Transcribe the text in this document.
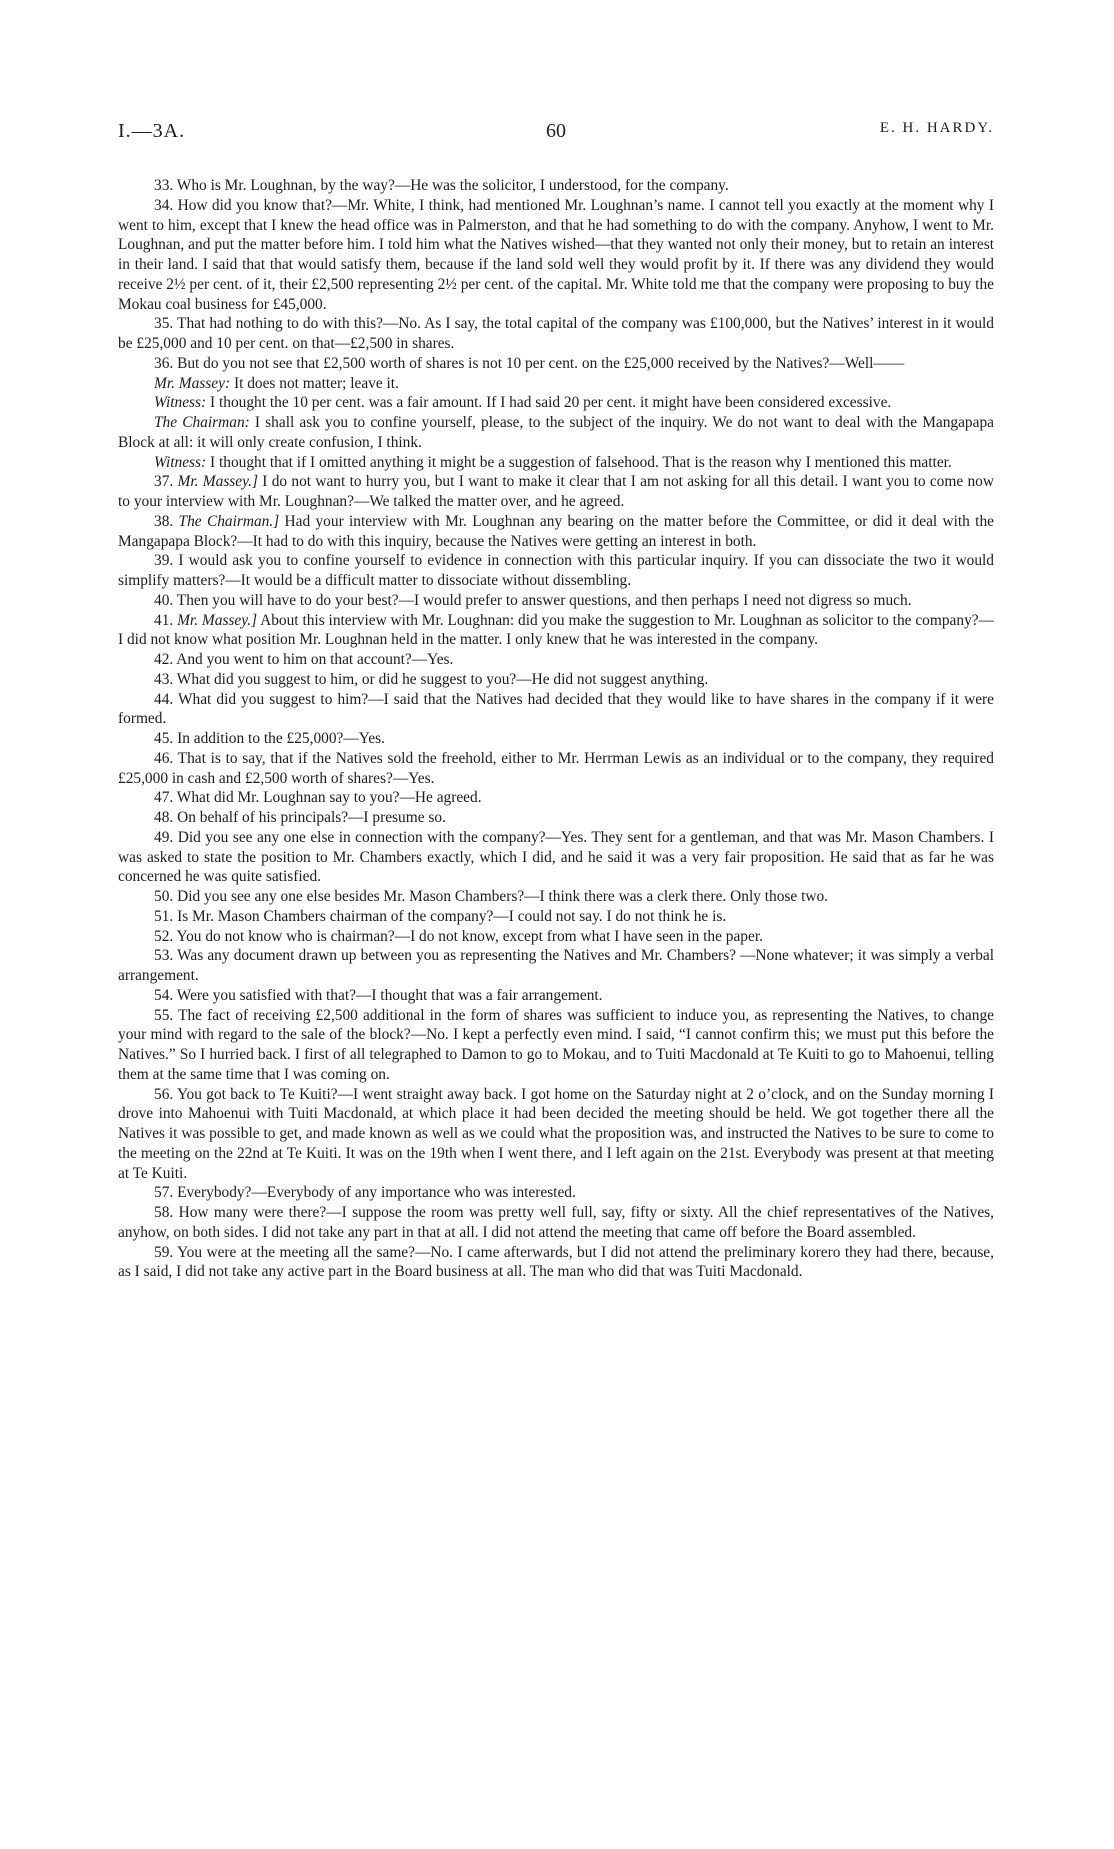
I.—3A.	60	E. H. HARDY.

33. Who is Mr. Loughnan, by the way?—He was the solicitor, I understood, for the company.

34. How did you know that?—Mr. White, I think, had mentioned Mr. Loughnan’s name. I cannot tell you exactly at the moment why I went to him, except that I knew the head office was in Palmerston, and that he had something to do with the company. Anyhow, I went to Mr. Loughnan, and put the matter before him. I told him what the Natives wished—that they wanted not only their money, but to retain an interest in their land. I said that that would satisfy them, because if the land sold well they would profit by it. If there was any dividend they would receive 2½ per cent. of it, their £2,500 representing 2½ per cent. of the capital. Mr. White told me that the company were proposing to buy the Mokau coal business for £45,000.

35. That had nothing to do with this?—No. As I say, the total capital of the company was £100,000, but the Natives’ interest in it would be £25,000 and 10 per cent. on that—£2,500 in shares.

36. But do you not see that £2,500 worth of shares is not 10 per cent. on the £25,000 received by the Natives?—Well——

Mr. Massey: It does not matter; leave it.

Witness: I thought the 10 per cent. was a fair amount. If I had said 20 per cent. it might have been considered excessive.

The Chairman: I shall ask you to confine yourself, please, to the subject of the inquiry. We do not want to deal with the Mangapapa Block at all: it will only create confusion, I think.

Witness: I thought that if I omitted anything it might be a suggestion of falsehood. That is the reason why I mentioned this matter.

37. Mr. Massey.] I do not want to hurry you, but I want to make it clear that I am not asking for all this detail. I want you to come now to your interview with Mr. Loughnan?—We talked the matter over, and he agreed.

38. The Chairman.] Had your interview with Mr. Loughnan any bearing on the matter before the Committee, or did it deal with the Mangapapa Block?—It had to do with this inquiry, because the Natives were getting an interest in both.

39. I would ask you to confine yourself to evidence in connection with this particular inquiry. If you can dissociate the two it would simplify matters?—It would be a difficult matter to dissociate without dissembling.

40. Then you will have to do your best?—I would prefer to answer questions, and then perhaps I need not digress so much.

41. Mr. Massey.] About this interview with Mr. Loughnan: did you make the suggestion to Mr. Loughnan as solicitor to the company?—I did not know what position Mr. Loughnan held in the matter. I only knew that he was interested in the company.

42. And you went to him on that account?—Yes.

43. What did you suggest to him, or did he suggest to you?—He did not suggest anything.

44. What did you suggest to him?—I said that the Natives had decided that they would like to have shares in the company if it were formed.

45. In addition to the £25,000?—Yes.

46. That is to say, that if the Natives sold the freehold, either to Mr. Herrman Lewis as an individual or to the company, they required £25,000 in cash and £2,500 worth of shares?—Yes.

47. What did Mr. Loughnan say to you?—He agreed.

48. On behalf of his principals?—I presume so.

49. Did you see any one else in connection with the company?—Yes. They sent for a gentleman, and that was Mr. Mason Chambers. I was asked to state the position to Mr. Chambers exactly, which I did, and he said it was a very fair proposition. He said that as far he was concerned he was quite satisfied.

50. Did you see any one else besides Mr. Mason Chambers?—I think there was a clerk there. Only those two.

51. Is Mr. Mason Chambers chairman of the company?—I could not say. I do not think he is.

52. You do not know who is chairman?—I do not know, except from what I have seen in the paper.

53. Was any document drawn up between you as representing the Natives and Mr. Chambers? —None whatever; it was simply a verbal arrangement.

54. Were you satisfied with that?—I thought that was a fair arrangement.

55. The fact of receiving £2,500 additional in the form of shares was sufficient to induce you, as representing the Natives, to change your mind with regard to the sale of the block?—No. I kept a perfectly even mind. I said, “I cannot confirm this; we must put this before the Natives.” So I hurried back. I first of all telegraphed to Damon to go to Mokau, and to Tuiti Macdonald at Te Kuiti to go to Mahoenui, telling them at the same time that I was coming on.

56. You got back to Te Kuiti?—I went straight away back. I got home on the Saturday night at 2 o’clock, and on the Sunday morning I drove into Mahoenui with Tuiti Macdonald, at which place it had been decided the meeting should be held. We got together there all the Natives it was possible to get, and made known as well as we could what the proposition was, and instructed the Natives to be sure to come to the meeting on the 22nd at Te Kuiti. It was on the 19th when I went there, and I left again on the 21st. Everybody was present at that meeting at Te Kuiti.

57. Everybody?—Everybody of any importance who was interested.

58. How many were there?—I suppose the room was pretty well full, say, fifty or sixty. All the chief representatives of the Natives, anyhow, on both sides. I did not take any part in that at all. I did not attend the meeting that came off before the Board assembled.

59. You were at the meeting all the same?—No. I came afterwards, but I did not attend the preliminary korero they had there, because, as I said, I did not take any active part in the Board business at all. The man who did that was Tuiti Macdonald.
